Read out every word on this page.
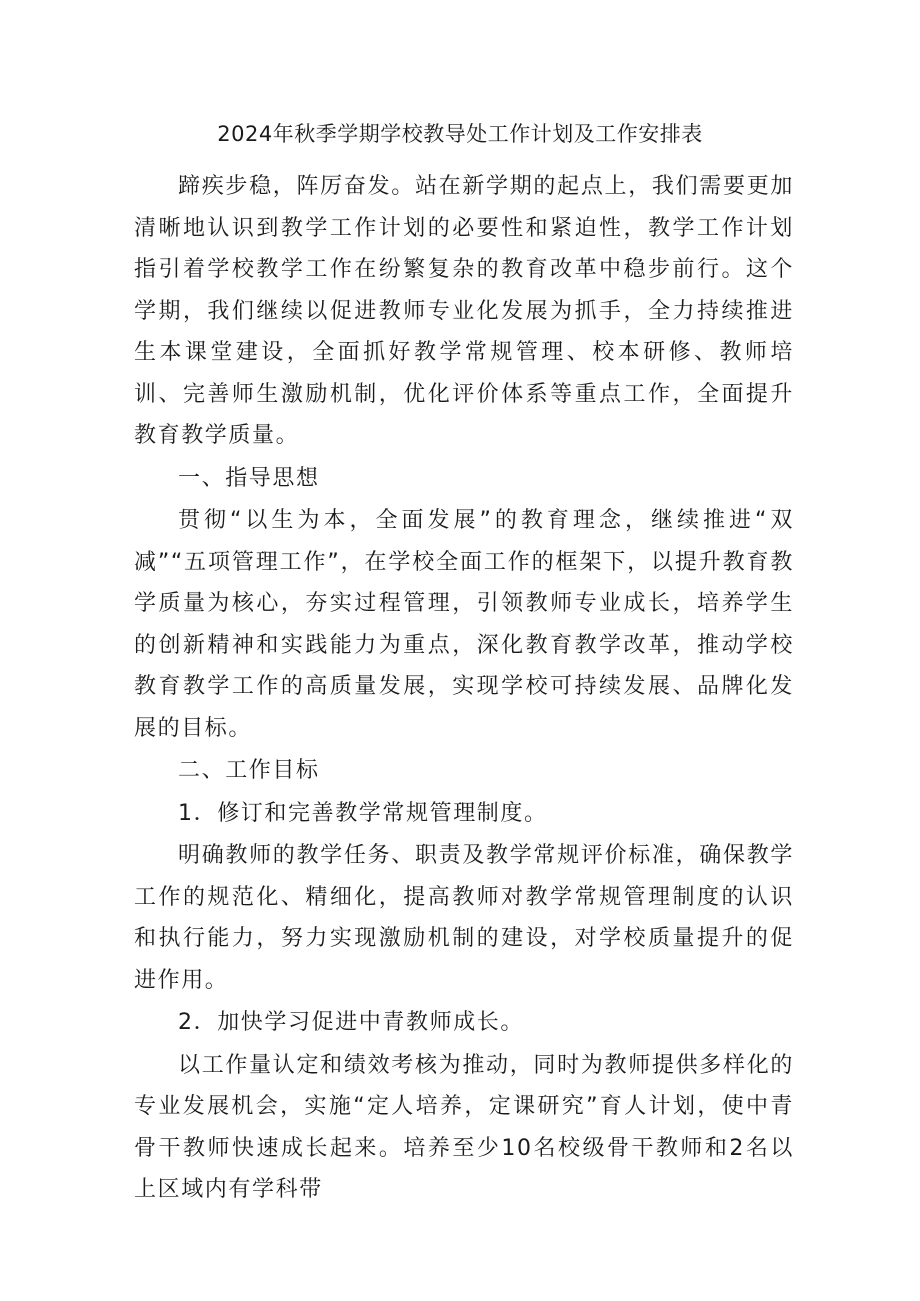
2024年秋季学期学校教导处工作计划及工作安排表

蹄疾步稳，阵厉奋发。站在新学期的起点上，我们需要更加清晰地认识到教学工作计划的必要性和紧迫性，教学工作计划指引着学校教学工作在纷繁复杂的教育改革中稳步前行。这个学期，我们继续以促进教师专业化发展为抓手，全力持续推进生本课堂建设，全面抓好教学常规管理、校本研修、教师培训、完善师生激励机制，优化评价体系等重点工作，全面提升教育教学质量。

一、指导思想

贯彻“以生为本，全面发展”的教育理念，继续推进“双减”“五项管理工作”，在学校全面工作的框架下，以提升教育教学质量为核心，夯实过程管理，引领教师专业成长，培养学生的创新精神和实践能力为重点，深化教育教学改革，推动学校教育教学工作的高质量发展，实现学校可持续发展、品牌化发展的目标。

二、工作目标

1．修订和完善教学常规管理制度。

明确教师的教学任务、职责及教学常规评价标准，确保教学工作的规范化、精细化，提高教师对教学常规管理制度的认识和执行能力，努力实现激励机制的建设，对学校质量提升的促进作用。

2．加快学习促进中青教师成长。

以工作量认定和绩效考核为推动，同时为教师提供多样化的专业发展机会，实施“定人培养，定课研究”育人计划，使中青骨干教师快速成长起来。培养至少10名校级骨干教师和2名以上区域内有学科带
